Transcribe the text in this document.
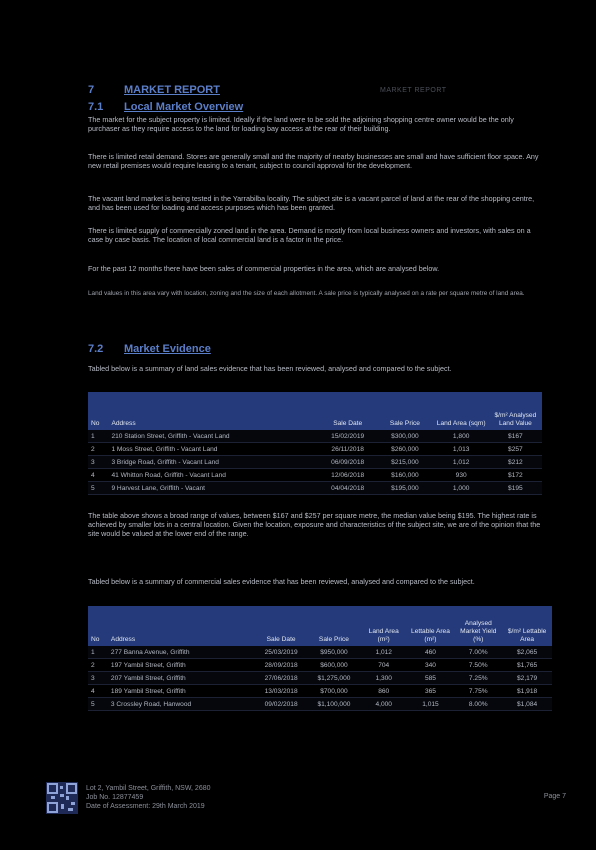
7	MARKET REPORT	MARKET REPORT
7.1	Local Market Overview

The market for the subject property is limited. Ideally if the land were to be sold the adjoining shopping centre owner would be the only purchaser as they require access to the land for loading bay access at the rear of their building.

There is limited retail demand. Stores are generally small and the majority of nearby businesses are small and have sufficient floor space. Any new retail premises would require leasing to a tenant, subject to council approval for the development.

The vacant land market is being tested in the Yarrabilba locality. The subject site is a vacant parcel of land at the rear of the shopping centre, and has been used for loading and access purposes which has been granted.

There is limited supply of commercially zoned land in the area. Demand is mostly from local business owners and investors, with sales on a case by case basis. The location of local commercial land is a factor in the price.

For the past 12 months there have been sales of commercial properties in the area, which are analysed below.

Land values in this area vary with location, zoning and the size of each allotment. A sale price is typically analysed on a rate per square metre of land area.

7.2	Market Evidence

Tabled below is a summary of land sales evidence that has been reviewed, analysed and compared to the subject.

No	Address	Sale Date	Sale Price	Land Area (sqm)	$/m² Analysed Land Value
1	210 Station Street, Griffith - Vacant Land	15/02/2019	$300,000	1,800	$167
2	1 Moss Street, Griffith - Vacant Land	26/11/2018	$260,000	1,013	$257
3	3 Bridge Road, Griffith - Vacant Land	06/09/2018	$215,000	1,012	$212
4	41 Whitton Road, Griffith - Vacant Land	12/06/2018	$160,000	930	$172
5	9 Harvest Lane, Griffith - Vacant	04/04/2018	$195,000	1,000	$195

The table above shows a broad range of values, between $167 and $257 per square metre, the median value being $195. The highest rate is achieved by smaller lots in a central location. Given the location, exposure and characteristics of the subject site, we are of the opinion that the site would be valued at the lower end of the range.

Tabled below is a summary of commercial sales evidence that has been reviewed, analysed and compared to the subject.

No	Address	Sale Date	Sale Price	Land Area (m²)	Lettable Area (m²)	Analysed Market Yield (%)	$/m² Lettable Area
1	277 Banna Avenue, Griffith	25/03/2019	$950,000	1,012	460	7.00%	$2,065
2	197 Yambil Street, Griffith	28/09/2018	$600,000	704	340	7.50%	$1,765
3	207 Yambil Street, Griffith	27/06/2018	$1,275,000	1,300	585	7.25%	$2,179
4	189 Yambil Street, Griffith	13/03/2018	$700,000	860	365	7.75%	$1,918
5	3 Crossley Road, Hanwood	09/02/2018	$1,100,000	4,000	1,015	8.00%	$1,084
Lot 2, Yambil Street, Griffith, NSW, 2680
Job No. 12877459
Date of Assessment: 29th March 2019
Page 7
